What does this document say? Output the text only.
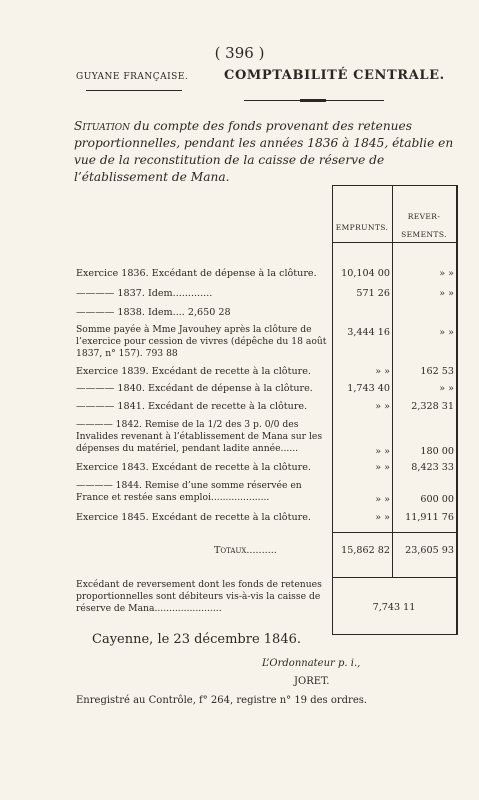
( 396 )
GUYANE FRANÇAISE.	COMPTABILITÉ CENTRALE.
Situation du compte des fonds provenant des retenues proportionnelles, pendant les années 1836 à 1845, établie en vue de la reconstitution de la caisse de réserve de l’établissement de Mana.
EMPRUNTS.
REVER-
SEMENTS.
Exercice 1836. Excédant de dépense à la clôture.	10,104 00	» »
———— 1837. Idem.............	571 26	» »
———— 1838. Idem.... 2,650 28
Somme payée à Mme Javouhey après la clôture de l’exercice pour cession de vivres (dépêche du 18 août 1837, n° 157). 793 88
3,444 16	» »
Exercice 1839. Excédant de recette à la clôture.	» »	162 53
———— 1840. Excédant de dépense à la clôture.	1,743 40	» »
———— 1841. Excédant de recette à la clôture.	» »	2,328 31
———— 1842. Remise de la 1/2 des 3 p. 0/0 des Invalides revenant à l’établissement de Mana sur les dépenses du matériel, pendant ladite année......	» »	180 00
Exercice 1843. Excédant de recette à la clôture.	» »	8,423 33
———— 1844. Remise d’une somme réservée en France et restée sans emploi....................	» »	600 00
Exercice 1845. Excédant de recette à la clôture.	» »	11,911 76
Totaux..........	15,862 82	23,605 93
Excédant de reversement dont les fonds de retenues proportionnelles sont débiteurs vis-à-vis la caisse de réserve de Mana.......................	7,743 11
Cayenne, le 23 décembre 1846.
L’Ordonnateur p. i.,
JORET.
Enregistré au Contrôle, f° 264, registre n° 19 des ordres.
